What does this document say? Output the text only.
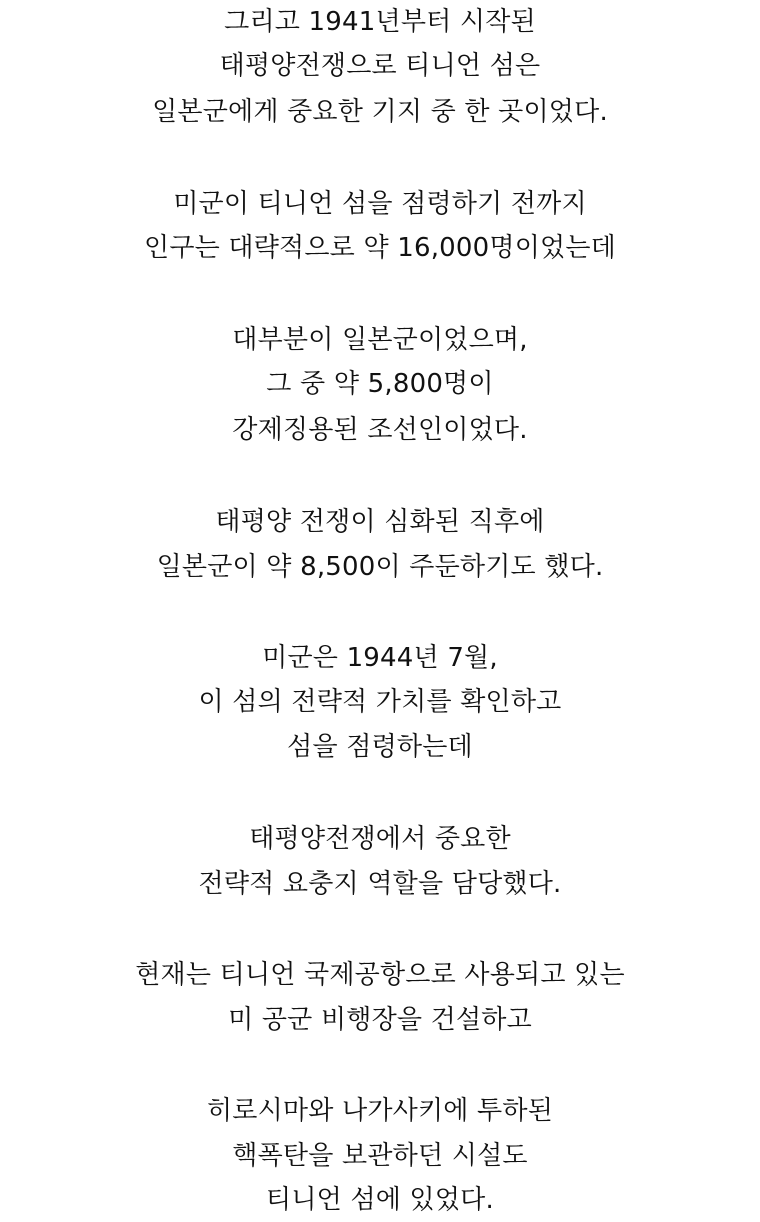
그리고 1941년부터 시작된
태평양전쟁으로 티니언 섬은
일본군에게 중요한 기지 중 한 곳이었다.
미군이 티니언 섬을 점령하기 전까지
인구는 대략적으로 약 16,000명이었는데
대부분이 일본군이었으며,
그 중 약 5,800명이
강제징용된 조선인이었다.
태평양 전쟁이 심화된 직후에
일본군이 약 8,500이 주둔하기도 했다.
미군은 1944년 7월,
이 섬의 전략적 가치를 확인하고
섬을 점령하는데
태평양전쟁에서 중요한
전략적 요충지 역할을 담당했다.
현재는 티니언 국제공항으로 사용되고 있는
미 공군 비행장을 건설하고
히로시마와 나가사키에 투하된
핵폭탄을 보관하던 시설도
티니언 섬에 있었다.
